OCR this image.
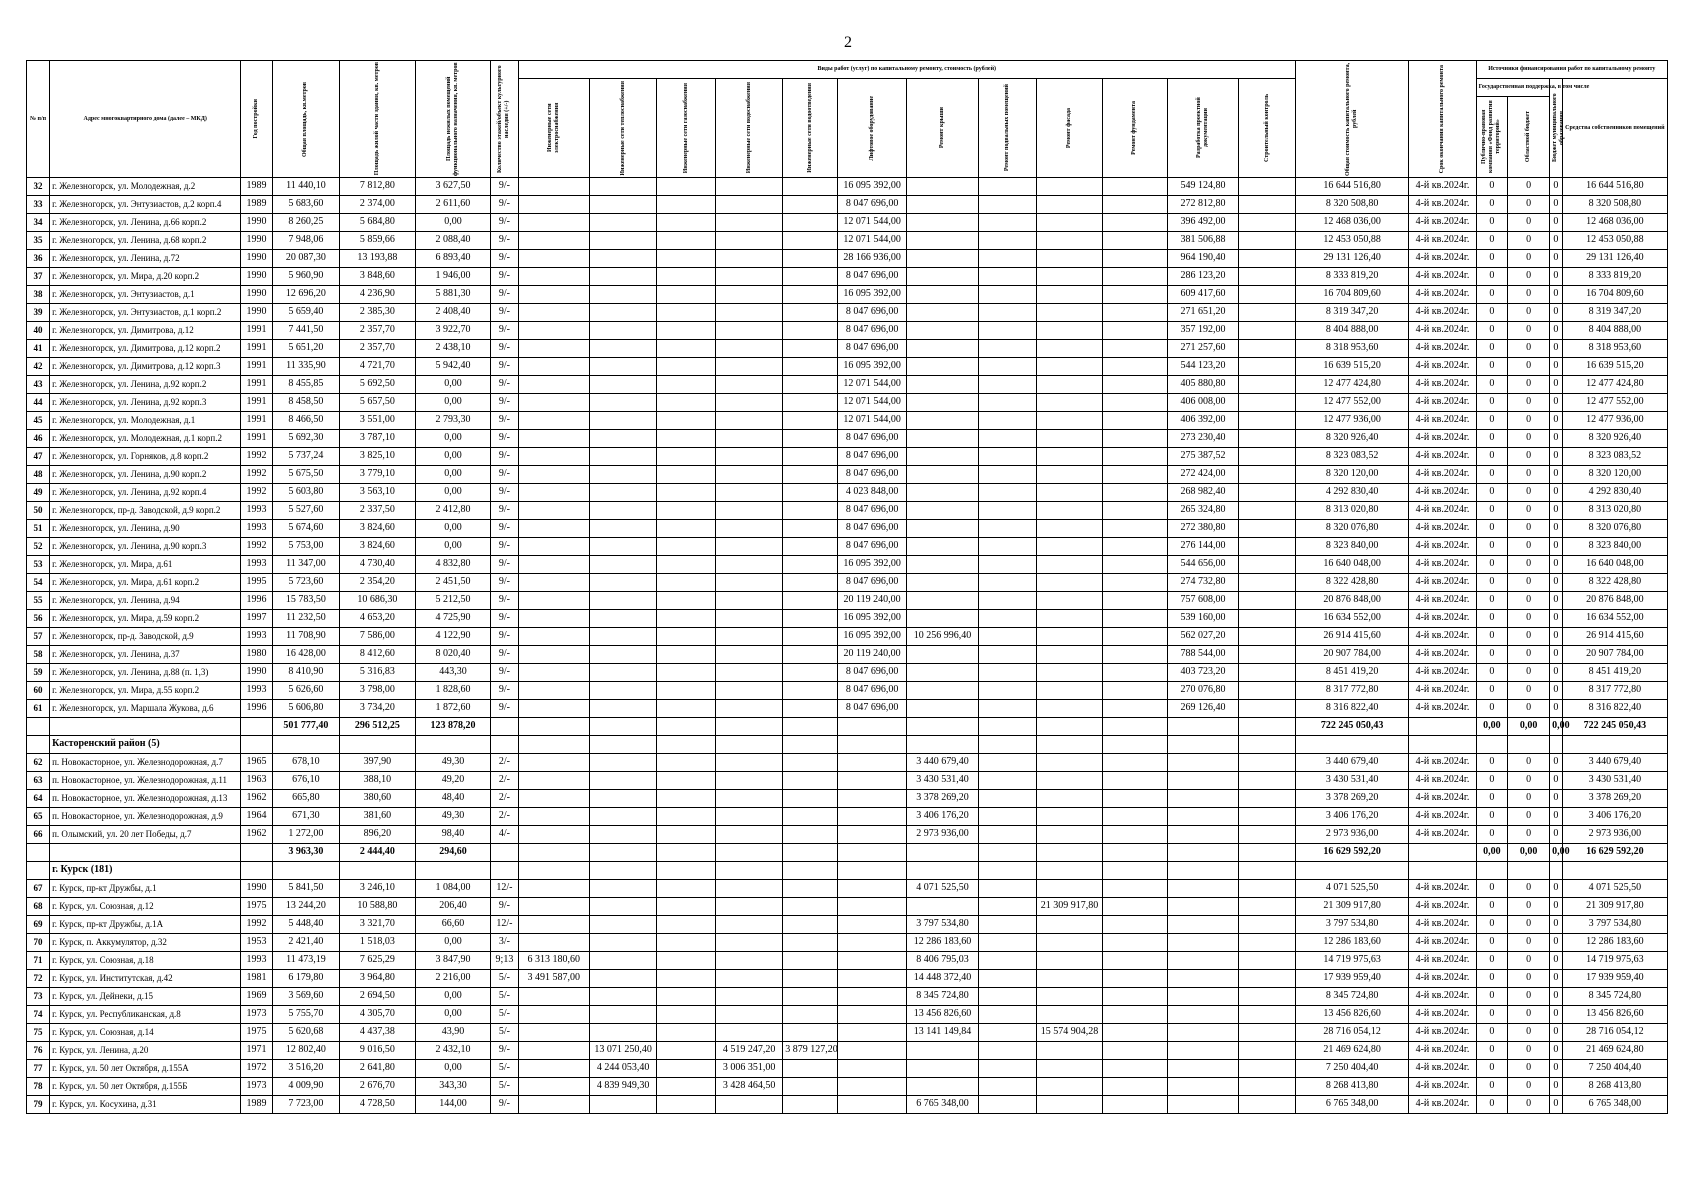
2
№ п/п	Адрес многоквартирного дома (далее – МКД)	Год постройки	Общая площадь, кв.метров	Площадь жилой части здания, кв. метров	Площадь нежилых помещений функционального назначения, кв. метров	Количество этажей/объект культурного наследия (+/-)	Виды работ (услуг) по капитальному ремонту, стоимость (рублей)												Общая стоимость капитального ремонта, рублей	Срок окончания капитального ремонта	Источники финансирования работ по капитальному ремонту			

							Инженерные сети электроснабжения	Инженерные сети теплоснабжения	Инженерные сети газоснабжения	Инженерные сети водоснабжения	Инженерные сети водоотведения	Лифтовое оборудование	Ремонт крыши	Ремонт подвальных помещений	Ремонт фасада	Ремонт фундамента	Разработка проектной документации	Строительный контроль			Государственная поддержка, в том числе		Бюджет муниципального образования	Средства собственников помещений

																					Публично-правовая компания «Фонд развития территорий»	Областной бюджет		

32	г. Железногорск, ул. Молодежная, д.2	1989	11 440,10	7 812,80	3 627,50	9/-						16 095 392,00					549 124,80		16 644 516,80	4-й кв.2024г.	0	0	0	16 644 516,80
33	г. Железногорск, ул. Энтузиастов, д.2 корп.4	1989	5 683,60	2 374,00	2 611,60	9/-						8 047 696,00					272 812,80		8 320 508,80	4-й кв.2024г.	0	0	0	8 320 508,80
34	г. Железногорск, ул. Ленина, д.66 корп.2	1990	8 260,25	5 684,80	0,00	9/-						12 071 544,00					396 492,00		12 468 036,00	4-й кв.2024г.	0	0	0	12 468 036,00
35	г. Железногорск, ул. Ленина, д.68 корп.2	1990	7 948,06	5 859,66	2 088,40	9/-						12 071 544,00					381 506,88		12 453 050,88	4-й кв.2024г.	0	0	0	12 453 050,88
36	г. Железногорск, ул. Ленина, д.72	1990	20 087,30	13 193,88	6 893,40	9/-						28 166 936,00					964 190,40		29 131 126,40	4-й кв.2024г.	0	0	0	29 131 126,40
37	г. Железногорск, ул. Мира, д.20 корп.2	1990	5 960,90	3 848,60	1 946,00	9/-						8 047 696,00					286 123,20		8 333 819,20	4-й кв.2024г.	0	0	0	8 333 819,20
38	г. Железногорск, ул. Энтузиастов, д.1	1990	12 696,20	4 236,90	5 881,30	9/-						16 095 392,00					609 417,60		16 704 809,60	4-й кв.2024г.	0	0	0	16 704 809,60
39	г. Железногорск, ул. Энтузиастов, д.1 корп.2	1990	5 659,40	2 385,30	2 408,40	9/-						8 047 696,00					271 651,20		8 319 347,20	4-й кв.2024г.	0	0	0	8 319 347,20
40	г. Железногорск, ул. Димитрова, д.12	1991	7 441,50	2 357,70	3 922,70	9/-						8 047 696,00					357 192,00		8 404 888,00	4-й кв.2024г.	0	0	0	8 404 888,00
41	г. Железногорск, ул. Димитрова, д.12 корп.2	1991	5 651,20	2 357,70	2 438,10	9/-						8 047 696,00					271 257,60		8 318 953,60	4-й кв.2024г.	0	0	0	8 318 953,60
42	г. Железногорск, ул. Димитрова, д.12 корп.3	1991	11 335,90	4 721,70	5 942,40	9/-						16 095 392,00					544 123,20		16 639 515,20	4-й кв.2024г.	0	0	0	16 639 515,20
43	г. Железногорск, ул. Ленина, д.92 корп.2	1991	8 455,85	5 692,50	0,00	9/-						12 071 544,00					405 880,80		12 477 424,80	4-й кв.2024г.	0	0	0	12 477 424,80
44	г. Железногорск, ул. Ленина, д.92 корп.3	1991	8 458,50	5 657,50	0,00	9/-						12 071 544,00					406 008,00		12 477 552,00	4-й кв.2024г.	0	0	0	12 477 552,00
45	г. Железногорск, ул. Молодежная, д.1	1991	8 466,50	3 551,00	2 793,30	9/-						12 071 544,00					406 392,00		12 477 936,00	4-й кв.2024г.	0	0	0	12 477 936,00
46	г. Железногорск, ул. Молодежная, д.1 корп.2	1991	5 692,30	3 787,10	0,00	9/-						8 047 696,00					273 230,40		8 320 926,40	4-й кв.2024г.	0	0	0	8 320 926,40
47	г. Железногорск, ул. Горняков, д.8 корп.2	1992	5 737,24	3 825,10	0,00	9/-						8 047 696,00					275 387,52		8 323 083,52	4-й кв.2024г.	0	0	0	8 323 083,52
48	г. Железногорск, ул. Ленина, д.90 корп.2	1992	5 675,50	3 779,10	0,00	9/-						8 047 696,00					272 424,00		8 320 120,00	4-й кв.2024г.	0	0	0	8 320 120,00
49	г. Железногорск, ул. Ленина, д.92 корп.4	1992	5 603,80	3 563,10	0,00	9/-						4 023 848,00					268 982,40		4 292 830,40	4-й кв.2024г.	0	0	0	4 292 830,40
50	г. Железногорск, пр-д. Заводской, д.9 корп.2	1993	5 527,60	2 337,50	2 412,80	9/-						8 047 696,00					265 324,80		8 313 020,80	4-й кв.2024г.	0	0	0	8 313 020,80
51	г. Железногорск, ул. Ленина, д.90	1993	5 674,60	3 824,60	0,00	9/-						8 047 696,00					272 380,80		8 320 076,80	4-й кв.2024г.	0	0	0	8 320 076,80
52	г. Железногорск, ул. Ленина, д.90 корп.3	1992	5 753,00	3 824,60	0,00	9/-						8 047 696,00					276 144,00		8 323 840,00	4-й кв.2024г.	0	0	0	8 323 840,00
53	г. Железногорск, ул. Мира, д.61	1993	11 347,00	4 730,40	4 832,80	9/-						16 095 392,00					544 656,00		16 640 048,00	4-й кв.2024г.	0	0	0	16 640 048,00
54	г. Железногорск, ул. Мира, д.61 корп.2	1995	5 723,60	2 354,20	2 451,50	9/-						8 047 696,00					274 732,80		8 322 428,80	4-й кв.2024г.	0	0	0	8 322 428,80
55	г. Железногорск, ул. Ленина, д.94	1996	15 783,50	10 686,30	5 212,50	9/-						20 119 240,00					757 608,00		20 876 848,00	4-й кв.2024г.	0	0	0	20 876 848,00
56	г. Железногорск, ул. Мира, д.59 корп.2	1997	11 232,50	4 653,20	4 725,90	9/-						16 095 392,00					539 160,00		16 634 552,00	4-й кв.2024г.	0	0	0	16 634 552,00
57	г. Железногорск, пр-д. Заводской, д.9	1993	11 708,90	7 586,00	4 122,90	9/-						16 095 392,00	10 256 996,40				562 027,20		26 914 415,60	4-й кв.2024г.	0	0	0	26 914 415,60
58	г. Железногорск, ул. Ленина, д.37	1980	16 428,00	8 412,60	8 020,40	9/-						20 119 240,00					788 544,00		20 907 784,00	4-й кв.2024г.	0	0	0	20 907 784,00
59	г. Железногорск, ул. Ленина, д.88 (п. 1,3)	1990	8 410,90	5 316,83	443,30	9/-						8 047 696,00					403 723,20		8 451 419,20	4-й кв.2024г.	0	0	0	8 451 419,20
60	г. Железногорск, ул. Мира, д.55 корп.2	1993	5 626,60	3 798,00	1 828,60	9/-						8 047 696,00					270 076,80		8 317 772,80	4-й кв.2024г.	0	0	0	8 317 772,80
61	г. Железногорск, ул. Маршала Жукова, д.6	1996	5 606,80	3 734,20	1 872,60	9/-						8 047 696,00					269 126,40		8 316 822,40	4-й кв.2024г.	0	0	0	8 316 822,40
			501 777,40	296 512,25	123 878,20														722 245 050,43		0,00	0,00	0,00	722 245 050,43
	Касторенский район (5)																							
62	п. Новокасторное, ул. Железнодорожная, д.7	1965	678,10	397,90	49,30	2/-							3 440 679,40						3 440 679,40	4-й кв.2024г.	0	0	0	3 440 679,40
63	п. Новокасторное, ул. Железнодорожная, д.11	1963	676,10	388,10	49,20	2/-							3 430 531,40						3 430 531,40	4-й кв.2024г.	0	0	0	3 430 531,40
64	п. Новокасторное, ул. Железнодорожная, д.13	1962	665,80	380,60	48,40	2/-							3 378 269,20						3 378 269,20	4-й кв.2024г.	0	0	0	3 378 269,20
65	п. Новокасторное, ул. Железнодорожная, д.9	1964	671,30	381,60	49,30	2/-							3 406 176,20						3 406 176,20	4-й кв.2024г.	0	0	0	3 406 176,20
66	п. Олымский, ул. 20 лет Победы, д.7	1962	1 272,00	896,20	98,40	4/-							2 973 936,00						2 973 936,00	4-й кв.2024г.	0	0	0	2 973 936,00
			3 963,30	2 444,40	294,60														16 629 592,20		0,00	0,00	0,00	16 629 592,20
	г. Курск (181)																							
67	г. Курск, пр-кт Дружбы, д.1	1990	5 841,50	3 246,10	1 084,00	12/-							4 071 525,50						4 071 525,50	4-й кв.2024г.	0	0	0	4 071 525,50
68	г. Курск, ул. Союзная, д.12	1975	13 244,20	10 588,80	206,40	9/-									21 309 917,80				21 309 917,80	4-й кв.2024г.	0	0	0	21 309 917,80
69	г. Курск, пр-кт Дружбы, д.1А	1992	5 448,40	3 321,70	66,60	12/-							3 797 534,80						3 797 534,80	4-й кв.2024г.	0	0	0	3 797 534,80
70	г. Курск, п. Аккумулятор, д.32	1953	2 421,40	1 518,03	0,00	3/-							12 286 183,60						12 286 183,60	4-й кв.2024г.	0	0	0	12 286 183,60
71	г. Курск, ул. Союзная, д.18	1993	11 473,19	7 625,29	3 847,90	9;13	6 313 180,60						8 406 795,03						14 719 975,63	4-й кв.2024г.	0	0	0	14 719 975,63
72	г. Курск, ул. Институтская, д.42	1981	6 179,80	3 964,80	2 216,00	5/-	3 491 587,00						14 448 372,40						17 939 959,40	4-й кв.2024г.	0	0	0	17 939 959,40
73	г. Курск, ул. Дейнеки, д.15	1969	3 569,60	2 694,50	0,00	5/-							8 345 724,80						8 345 724,80	4-й кв.2024г.	0	0	0	8 345 724,80
74	г. Курск, ул. Республиканская, д.8	1973	5 755,70	4 305,70	0,00	5/-							13 456 826,60						13 456 826,60	4-й кв.2024г.	0	0	0	13 456 826,60
75	г. Курск, ул. Союзная, д.14	1975	5 620,68	4 437,38	43,90	5/-							13 141 149,84		15 574 904,28				28 716 054,12	4-й кв.2024г.	0	0	0	28 716 054,12
76	г. Курск, ул. Ленина, д.20	1971	12 802,40	9 016,50	2 432,10	9/-		13 071 250,40		4 519 247,20	3 879 127,20								21 469 624,80	4-й кв.2024г.	0	0	0	21 469 624,80
77	г. Курск, ул. 50 лет Октября, д.155А	1972	3 516,20	2 641,80	0,00	5/-		4 244 053,40		3 006 351,00									7 250 404,40	4-й кв.2024г.	0	0	0	7 250 404,40
78	г. Курск, ул. 50 лет Октября, д.155Б	1973	4 009,90	2 676,70	343,30	5/-		4 839 949,30		3 428 464,50									8 268 413,80	4-й кв.2024г.	0	0	0	8 268 413,80
79	г. Курск, ул. Косухина, д.31	1989	7 723,00	4 728,50	144,00	9/-							6 765 348,00						6 765 348,00	4-й кв.2024г.	0	0	0	6 765 348,00
